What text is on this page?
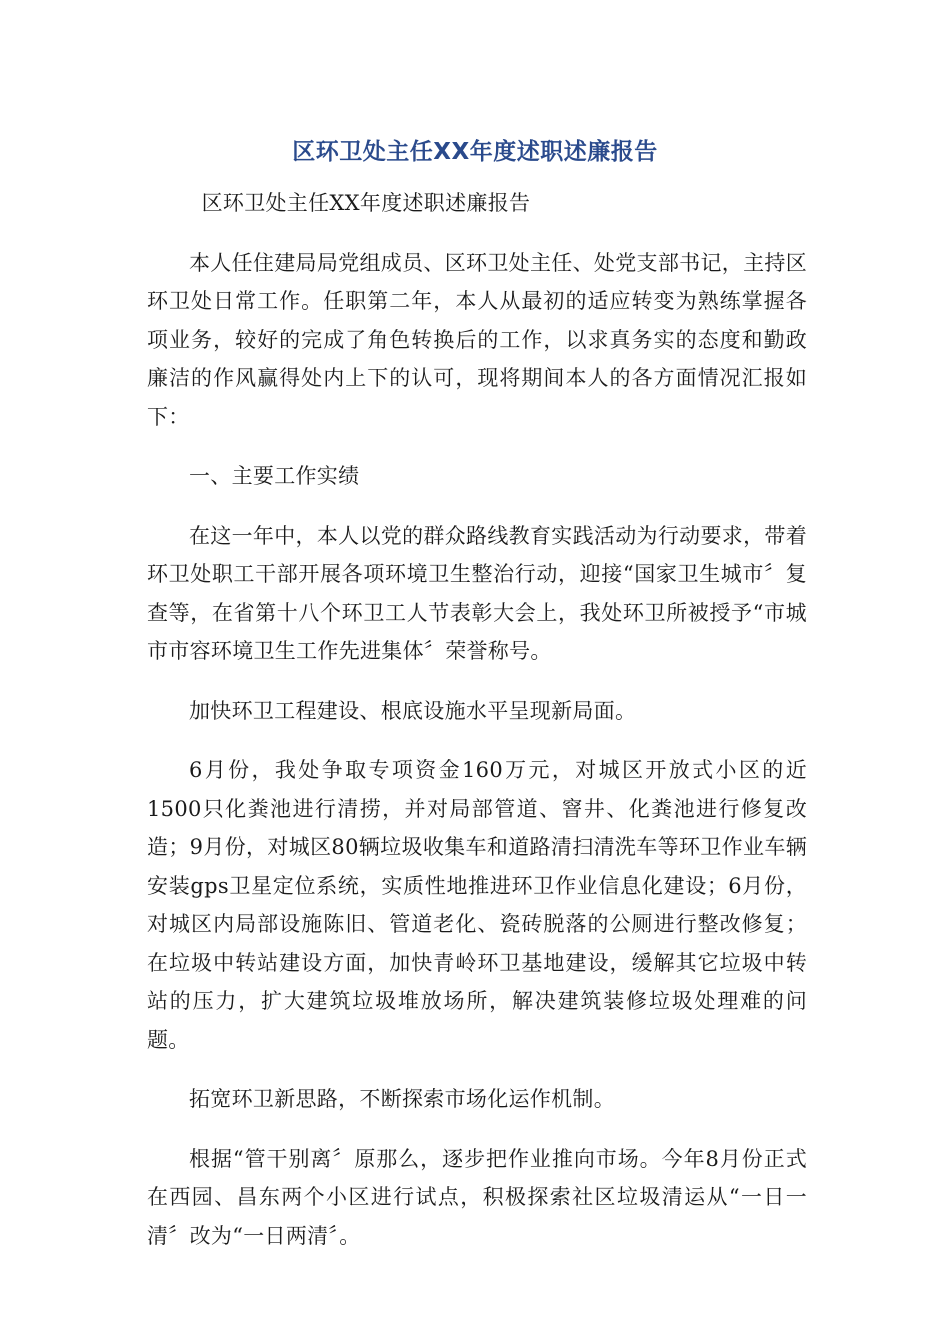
区环卫处主任XX年度述职述廉报告

区环卫处主任XX年度述职述廉报告

本人任住建局局党组成员、区环卫处主任、处党支部书记，主持区环卫处日常工作。任职第二年，本人从最初的适应转变为熟练掌握各项业务，较好的完成了角色转换后的工作，以求真务实的态度和勤政廉洁的作风赢得处内上下的认可，现将期间本人的各方面情况汇报如下：

一、主要工作实绩

在这一年中，本人以党的群众路线教育实践活动为行动要求，带着环卫处职工干部开展各项环境卫生整治行动，迎接“国家卫生城市〞复查等，在省第十八个环卫工人节表彰大会上，我处环卫所被授予“市城市市容环境卫生工作先进集体〞荣誉称号。

加快环卫工程建设、根底设施水平呈现新局面。

6月份，我处争取专项资金160万元，对城区开放式小区的近1500只化粪池进行清捞，并对局部管道、窨井、化粪池进行修复改造；9月份，对城区80辆垃圾收集车和道路清扫清洗车等环卫作业车辆安装gps卫星定位系统，实质性地推进环卫作业信息化建设；6月份，对城区内局部设施陈旧、管道老化、瓷砖脱落的公厕进行整改修复；在垃圾中转站建设方面，加快青岭环卫基地建设，缓解其它垃圾中转站的压力，扩大建筑垃圾堆放场所，解决建筑装修垃圾处理难的问题。

拓宽环卫新思路，不断探索市场化运作机制。

根据“管干别离〞原那么，逐步把作业推向市场。今年8月份正式在西园、昌东两个小区进行试点，积极探索社区垃圾清运从“一日一清〞改为“一日两清〞。
